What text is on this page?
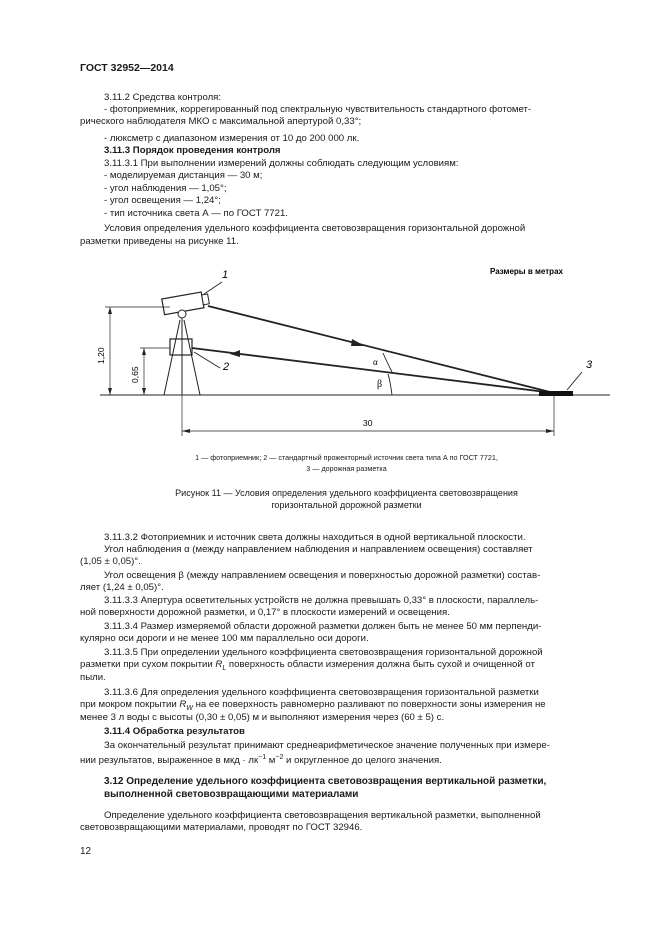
ГОСТ 32952—2014
3.11.2 Средства контроля:
- фотоприемник, коррегированный под спектральную чувствительность стандартного фотомет-
рического наблюдателя МКО с максимальной апертурой 0,33°;
- люксметр с диапазоном измерения от 10 до 200 000 лк.
3.11.3 Порядок проведения контроля
3.11.3.1 При выполнении измерений должны соблюдать следующим условиям:
- моделируемая дистанция — 30 м;
- угол наблюдения — 1,05°;
- угол освещения — 1,24°;
- тип источника света А — по ГОСТ 7721.
Условия определения удельного коэффициента световозвращения горизонтальной дорожной
разметки приведены на рисунке 11.
Размеры в метрах
α
β
1
2	3
1,20
0,65
30
1 — фотоприемник; 2 — стандартный прожекторный источник света типа А по ГОСТ 7721,
3 — дорожная разметка
Рисунок 11 — Условия определения удельного коэффициента световозвращения
горизонтальной дорожной разметки
3.11.3.2 Фотоприемник и источник света должны находиться в одной вертикальной плоскости.
Угол наблюдения α (между направлением наблюдения и направлением освещения) составляет
(1,05 ± 0,05)°.
Угол освещения β (между направлением освещения и поверхностью дорожной разметки) состав-
ляет (1,24 ± 0,05)°.
3.11.3.3 Апертура осветительных устройств не должна превышать 0,33° в плоскости, параллель-
ной поверхности дорожной разметки, и 0,17° в плоскости измерений и освещения.
3.11.3.4 Размер измеряемой области дорожной разметки должен быть не менее 50 мм перпенди-
кулярно оси дороги и не менее 100 мм параллельно оси дороги.
3.11.3.5 При определении удельного коэффициента световозвращения горизонтальной дорожной
разметки при сухом покрытии $R_L$ поверхность области измерения должна быть сухой и очищенной от
пыли.
3.11.3.6 Для определения удельного коэффициента световозвращения горизонтальной разметки
при мокром покрытии $R_W$ на ее поверхность равномерно разливают по поверхности зоны измерения не
менее 3 л воды с высоты (0,30 ± 0,05) м и выполняют измерения через (60 ± 5) с.
3.11.4 Обработка результатов
За окончательный результат принимают среднеарифметическое значение полученных при измере-
нии результатов, выраженное в мкд · $лк^{-1}$ $м^{-2}$ и округленное до целого значения.
3.12 Определение удельного коэффициента световозвращения вертикальной разметки,
выполненной световозвращающими материалами
Определение удельного коэффициента световозвращения вертикальной разметки, выполненной
световозвращающими материалами, проводят по ГОСТ 32946.
12
